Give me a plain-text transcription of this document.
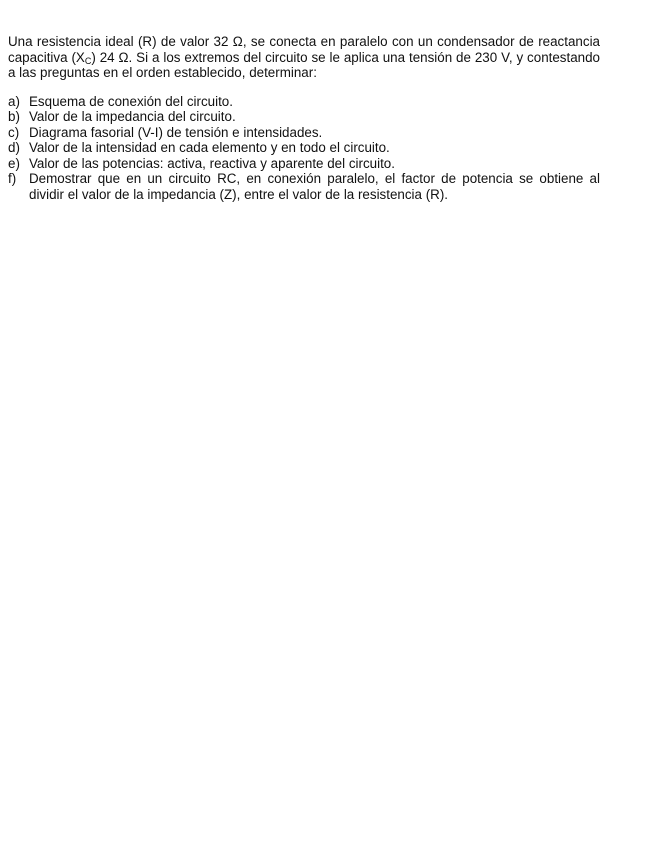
Una resistencia ideal (R) de valor 32 Ω, se conecta en paralelo con un condensador de reactancia capacitiva $(X_C)$ 24 Ω. Si a los extremos del circuito se le aplica una tensión de 230 V, y contestando a las preguntas en el orden establecido, determinar:

a) Esquema de conexión del circuito.
b) Valor de la impedancia del circuito.
c) Diagrama fasorial (V-I) de tensión e intensidades.
d) Valor de la intensidad en cada elemento y en todo el circuito.
e) Valor de las potencias: activa, reactiva y aparente del circuito.
f) Demostrar que en un circuito RC, en conexión paralelo, el factor de potencia se obtiene al dividir el valor de la impedancia (Z), entre el valor de la resistencia (R).
